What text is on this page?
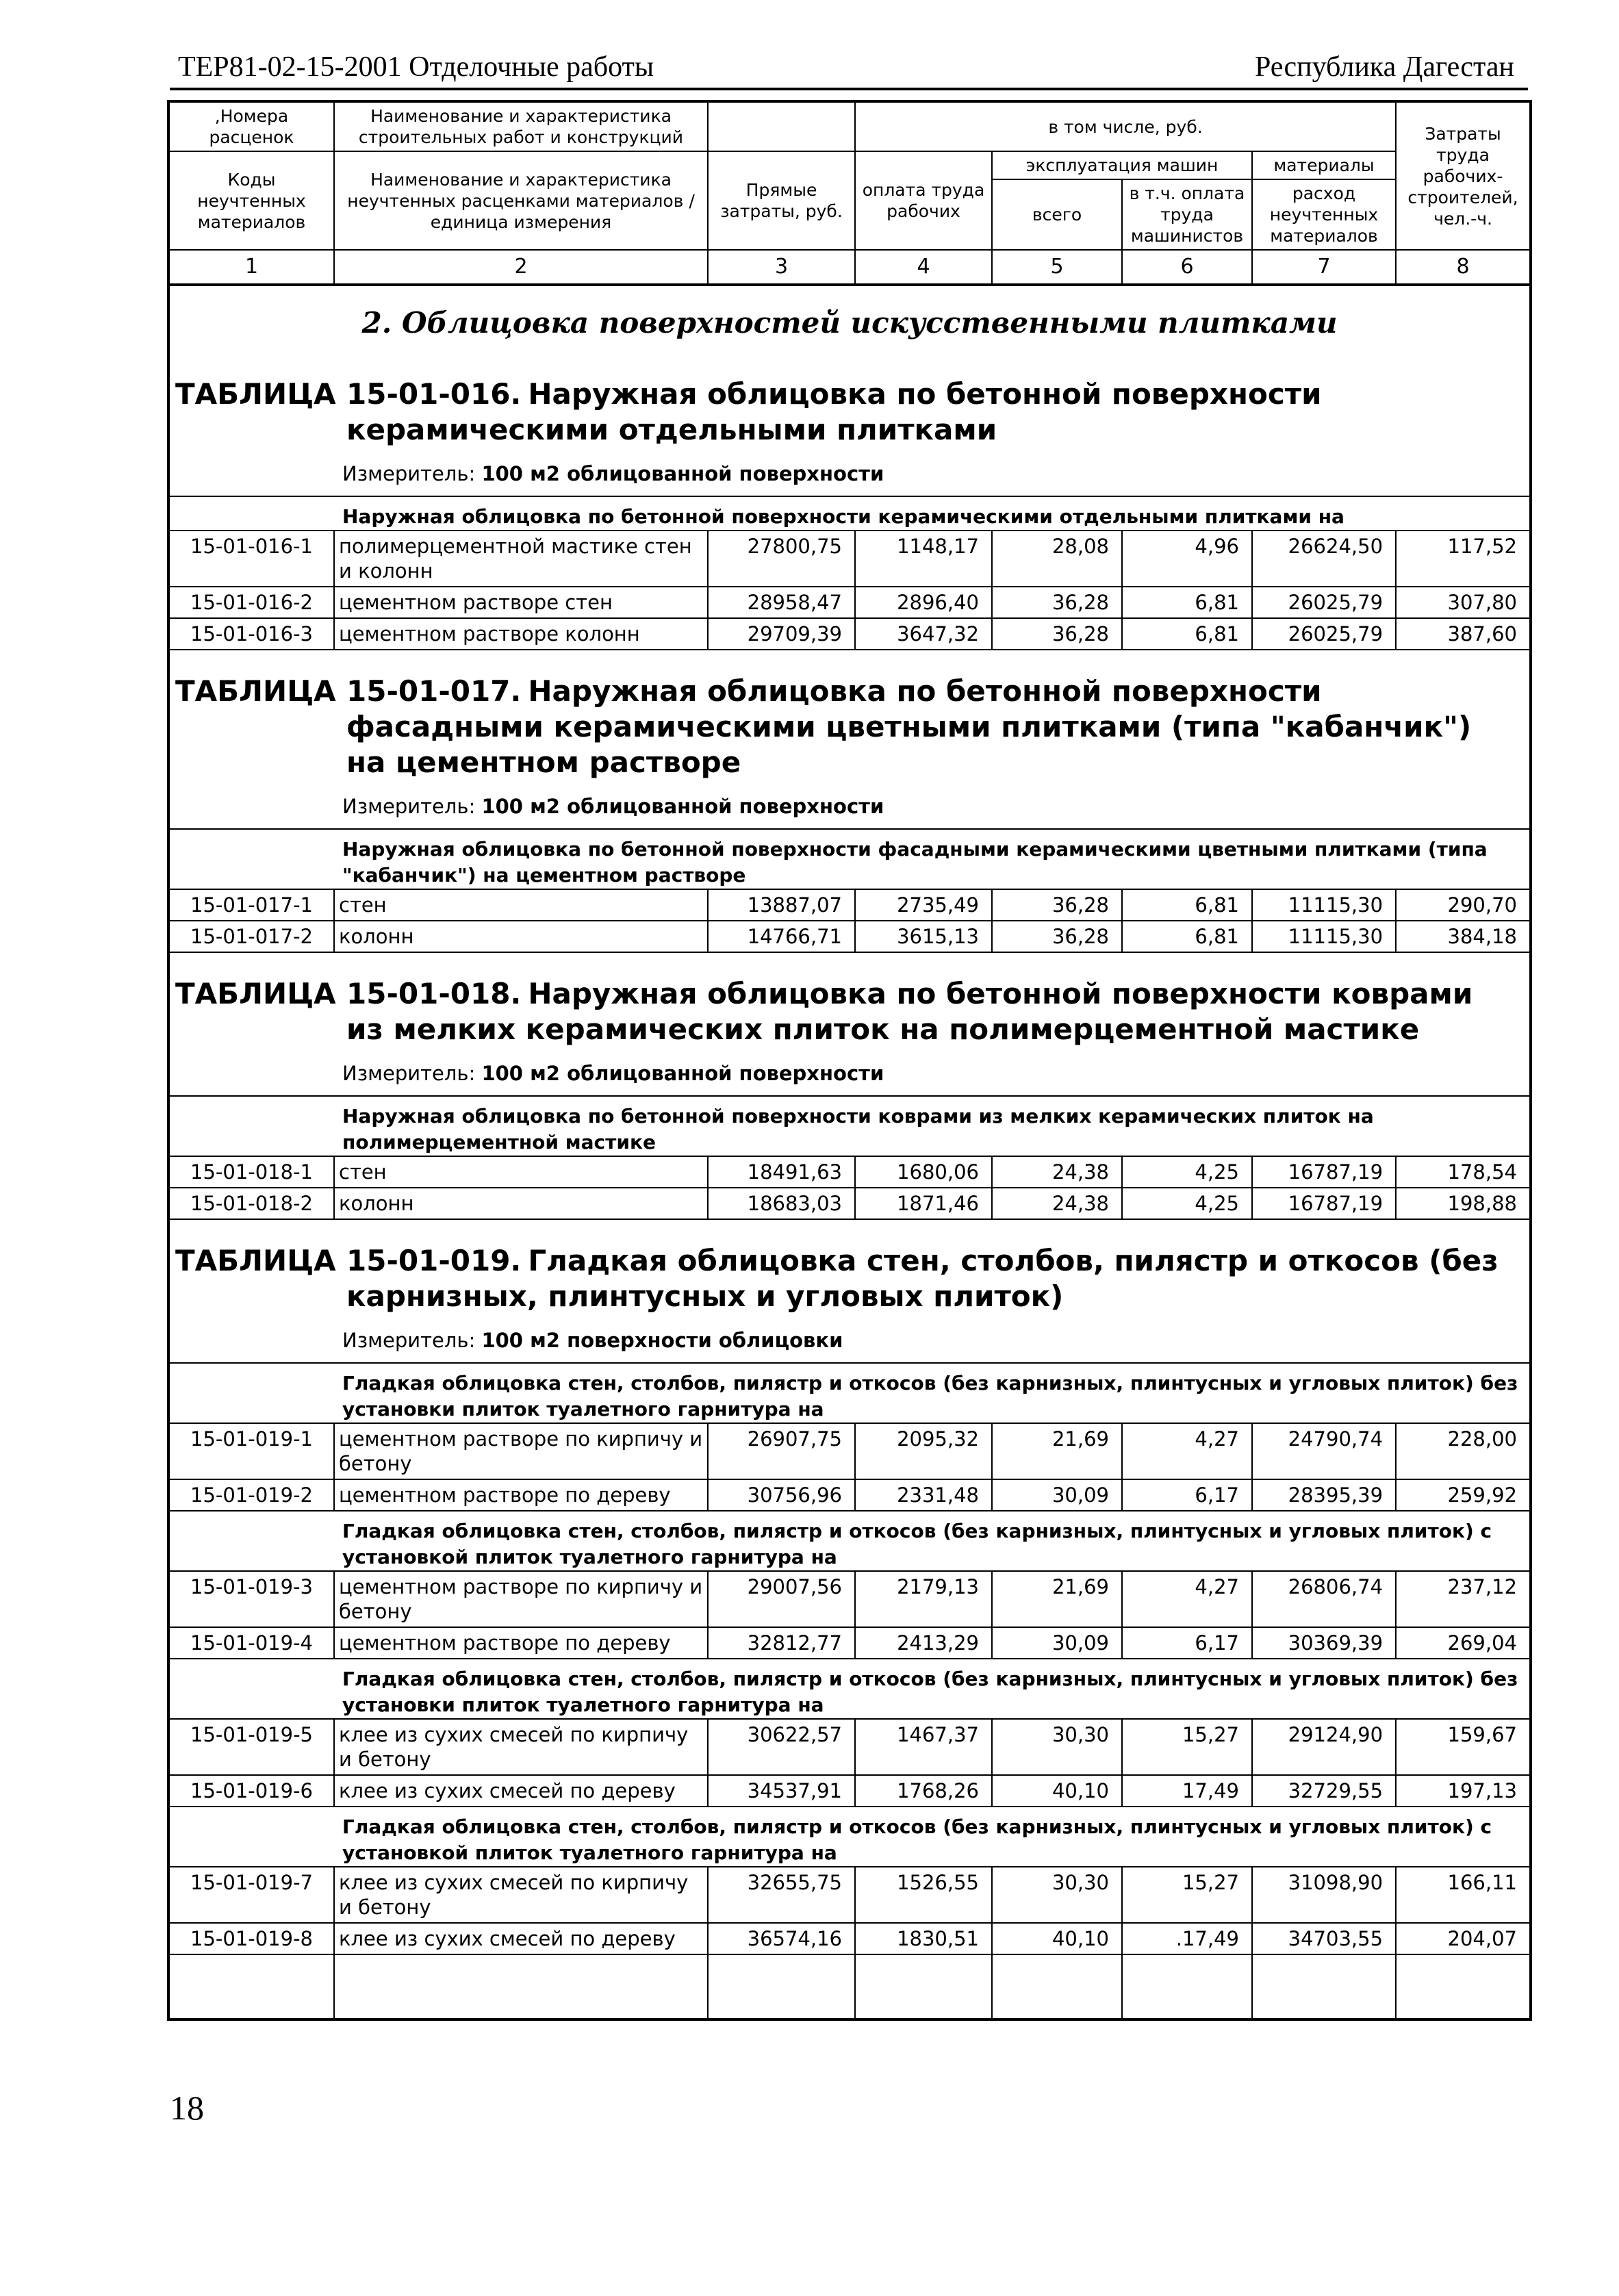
ТЕР81-02-15-2001 Отделочные работы	Республика Дагестан
,Номера расценок	Наименование и характеристика строительных работ и конструкций		в том числе, руб.				Затраты труда рабочих-строителей, чел.-ч.
Коды неучтенных материалов	Наименование и характеристика неучтенных расценками материалов / единица измерения	Прямые затраты, руб.	оплата труда рабочих	эксплуатация машин		материалы	
				всего	в т.ч. оплата труда машинистов	расход неучтенных материалов	
1	2	3	4	5	6	7	8
2. Облицовка поверхностей искусственными плитками							
ТАБЛИЦА 15-01-016. Наружная облицовка по бетонной поверхности керамическими отдельными плитками							
Измеритель: 100 м2 облицованной поверхности							
Наружная облицовка по бетонной поверхности керамическими отдельными плитками на							
15-01-016-1	полимерцементной мастике стен и колонн	27800,75	1148,17	28,08	4,96	26624,50	117,52
15-01-016-2	цементном растворе стен	28958,47	2896,40	36,28	6,81	26025,79	307,80
15-01-016-3	цементном растворе колонн	29709,39	3647,32	36,28	6,81	26025,79	387,60
ТАБЛИЦА 15-01-017. Наружная облицовка по бетонной поверхности фасадными керамическими цветными плитками (типа "кабанчик") на цементном растворе							
Измеритель: 100 м2 облицованной поверхности							
Наружная облицовка по бетонной поверхности фасадными керамическими цветными плитками (типа "кабанчик") на цементном растворе							
15-01-017-1	стен	13887,07	2735,49	36,28	6,81	11115,30	290,70
15-01-017-2	колонн	14766,71	3615,13	36,28	6,81	11115,30	384,18
ТАБЛИЦА 15-01-018. Наружная облицовка по бетонной поверхности коврами из мелких керамических плиток на полимерцементной мастике							
Измеритель: 100 м2 облицованной поверхности							
Наружная облицовка по бетонной поверхности коврами из мелких керамических плиток на полимерцементной мастике							
15-01-018-1	стен	18491,63	1680,06	24,38	4,25	16787,19	178,54
15-01-018-2	колонн	18683,03	1871,46	24,38	4,25	16787,19	198,88
ТАБЛИЦА 15-01-019. Гладкая облицовка стен, столбов, пилястр и откосов (без карнизных, плинтусных и угловых плиток)							
Измеритель: 100 м2 поверхности облицовки							
Гладкая облицовка стен, столбов, пилястр и откосов (без карнизных, плинтусных и угловых плиток) без установки плиток туалетного гарнитура на							
15-01-019-1	цементном растворе по кирпичу и бетону	26907,75	2095,32	21,69	4,27	24790,74	228,00
15-01-019-2	цементном растворе по дереву	30756,96	2331,48	30,09	6,17	28395,39	259,92
Гладкая облицовка стен, столбов, пилястр и откосов (без карнизных, плинтусных и угловых плиток) с установкой плиток туалетного гарнитура на							
15-01-019-3	цементном растворе по кирпичу и бетону	29007,56	2179,13	21,69	4,27	26806,74	237,12
15-01-019-4	цементном растворе по дереву	32812,77	2413,29	30,09	6,17	30369,39	269,04
Гладкая облицовка стен, столбов, пилястр и откосов (без карнизных, плинтусных и угловых плиток) без установки плиток туалетного гарнитура на							
15-01-019-5	клее из сухих смесей по кирпичу и бетону	30622,57	1467,37	30,30	15,27	29124,90	159,67
15-01-019-6	клее из сухих смесей по дереву	34537,91	1768,26	40,10	17,49	32729,55	197,13
Гладкая облицовка стен, столбов, пилястр и откосов (без карнизных, плинтусных и угловых плиток) с установкой плиток туалетного гарнитура на							
15-01-019-7	клее из сухих смесей по кирпичу и бетону	32655,75	1526,55	30,30	15,27	31098,90	166,11
15-01-019-8	клее из сухих смесей по дереву	36574,16	1830,51	40,10	.17,49	34703,55	204,07

18
